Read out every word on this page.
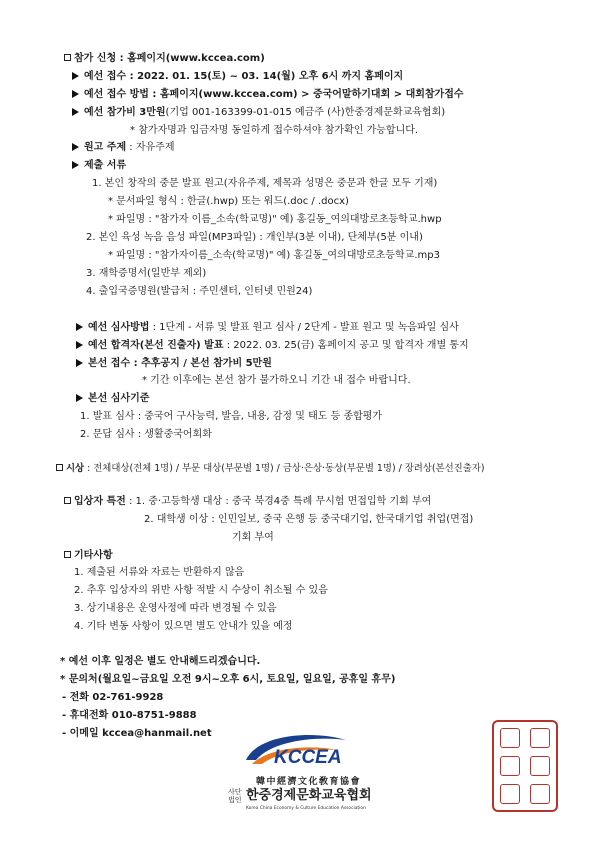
참가 신청 : 홈페이지(www.kccea.com)
예선 접수 : 2022. 01. 15(토) ~ 03. 14(월) 오후 6시 까지 홈페이지
예선 접수 방법 : 홈페이지(www.kccea.com) > 중국어말하기대회 > 대회참가접수
예선 참가비 3만원(기업 001-163399-01-015 예금주 (사)한중경제문화교육협회)
* 참가자명과 입금자명 동일하게 접수하셔야 참가확인 가능합니다.
원고 주제 : 자유주제
제출 서류
1. 본인 창작의 중문 발표 원고(자유주제, 제목과 성명은 중문과 한글 모두 기재)
* 문서파일 형식 : 한글(.hwp) 또는 워드(.doc / .docx)
* 파일명 : "참가자 이름_소속(학교명)" 예) 홍길동_여의대방로초등학교.hwp
2. 본인 육성 녹음 음성 파일(MP3파일) : 개인부(3분 이내), 단체부(5분 이내)
* 파일명 : "참가자이름_소속(학교명)" 예) 홍길동_여의대방로초등학교.mp3
3. 재학증명서(일반부 제외)
4. 출입국증명원(발급처 : 주민센터, 인터넷 민원24)
예선 심사방법 : 1단계 - 서류 및 발표 원고 심사 / 2단계 - 발표 원고 및 녹음파일 심사
예선 합격자(본선 진출자) 발표 : 2022. 03. 25(금) 홈페이지 공고 및 합격자 개별 통지
본선 접수 : 추후공지 / 본선 참가비 5만원
* 기간 이후에는 본선 참가 불가하오니 기간 내 접수 바랍니다.
본선 심사기준
1. 발표 심사 : 중국어 구사능력, 발음, 내용, 감정 및 태도 등 종합평가
2. 문답 심사 : 생활중국어회화
시상 : 전체대상(전체 1명) / 부문 대상(부문별 1명) / 금상·은상·동상(부문별 1명) / 장려상(본선진출자)
입상자 특전 : 1. 중·고등학생 대상 : 중국 북경4중 특례 무시험 면접입학 기회 부여
2. 대학생 이상 : 인민일보, 중국 은행 등 중국대기업, 한국대기업 취업(면접)
기회 부여
기타사항
1. 제출된 서류와 자료는 반환하지 않음
2. 추후 입상자의 위반 사항 적발 시 수상이 취소될 수 있음
3. 상기내용은 운영사정에 따라 변경될 수 있음
4. 기타 변동 사항이 있으면 별도 안내가 있을 예정
* 예선 이후 일정은 별도 안내해드리겠습니다.
* 문의처(월요일~금요일 오전 9시~오후 6시, 토요일, 일요일, 공휴일 휴무)
- 전화 02-761-9928
- 휴대전화 010-8751-9888
- 이메일 kccea@hanmail.net
KCCEA
韓中經濟文化敎育協會
사단법인 한중경제문화교육협회
Korea China Economy & Culture Education Association
